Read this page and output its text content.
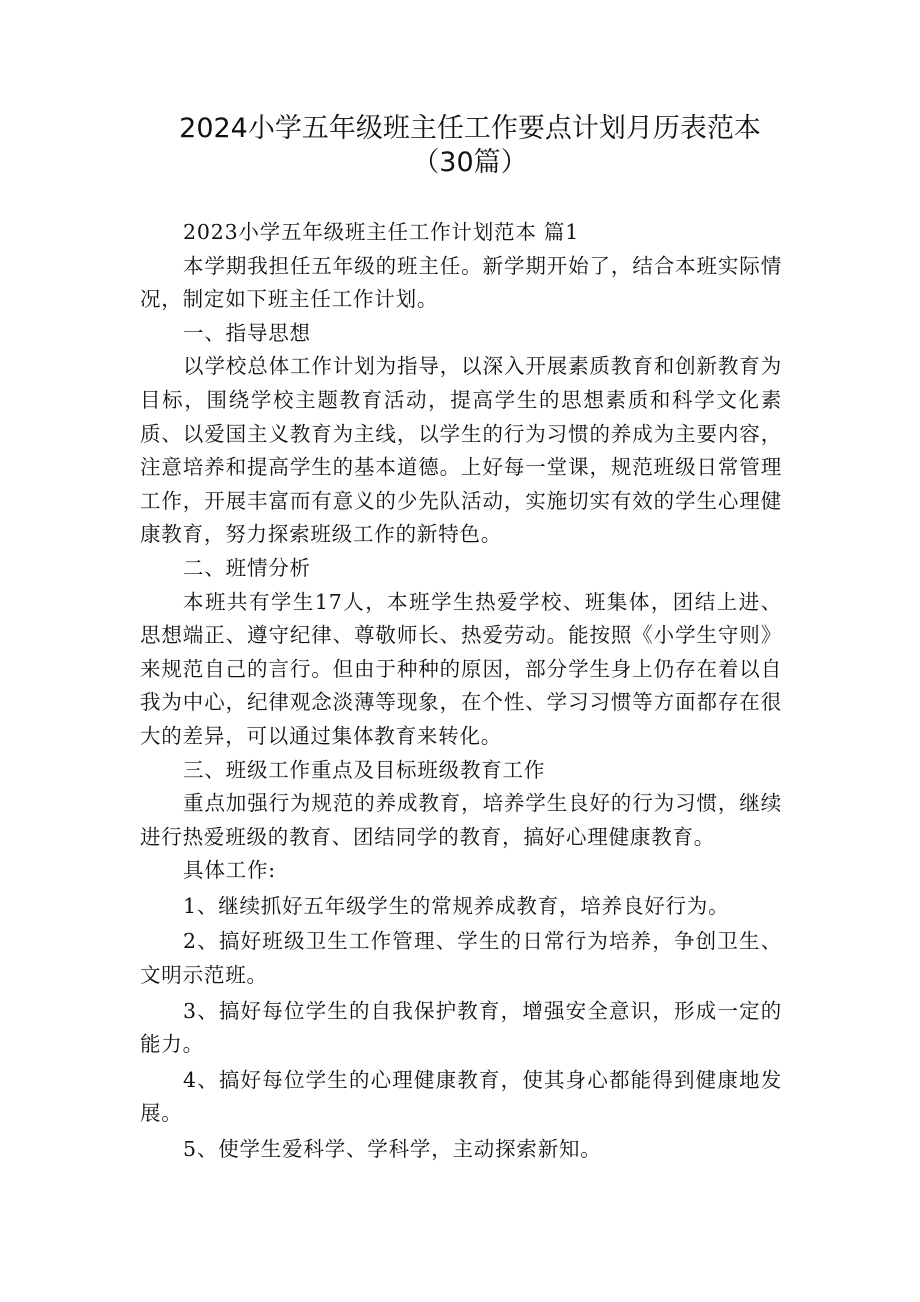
2024小学五年级班主任工作要点计划月历表范本（30篇）

2023小学五年级班主任工作计划范本 篇1

本学期我担任五年级的班主任。新学期开始了，结合本班实际情况，制定如下班主任工作计划。

一、指导思想

以学校总体工作计划为指导，以深入开展素质教育和创新教育为目标，围绕学校主题教育活动，提高学生的思想素质和科学文化素质、以爱国主义教育为主线，以学生的行为习惯的养成为主要内容，注意培养和提高学生的基本道德。上好每一堂课，规范班级日常管理工作，开展丰富而有意义的少先队活动，实施切实有效的学生心理健康教育，努力探索班级工作的新特色。

二、班情分析

本班共有学生17人，本班学生热爱学校、班集体，团结上进、思想端正、遵守纪律、尊敬师长、热爱劳动。能按照《小学生守则》来规范自己的言行。但由于种种的原因，部分学生身上仍存在着以自我为中心，纪律观念淡薄等现象，在个性、学习习惯等方面都存在很大的差异，可以通过集体教育来转化。

三、班级工作重点及目标班级教育工作

重点加强行为规范的养成教育，培养学生良好的行为习惯，继续进行热爱班级的教育、团结同学的教育，搞好心理健康教育。

具体工作:

1、继续抓好五年级学生的常规养成教育，培养良好行为。

2、搞好班级卫生工作管理、学生的日常行为培养，争创卫生、文明示范班。

3、搞好每位学生的自我保护教育，增强安全意识，形成一定的能力。

4、搞好每位学生的心理健康教育，使其身心都能得到健康地发展。

5、使学生爱科学、学科学，主动探索新知。
